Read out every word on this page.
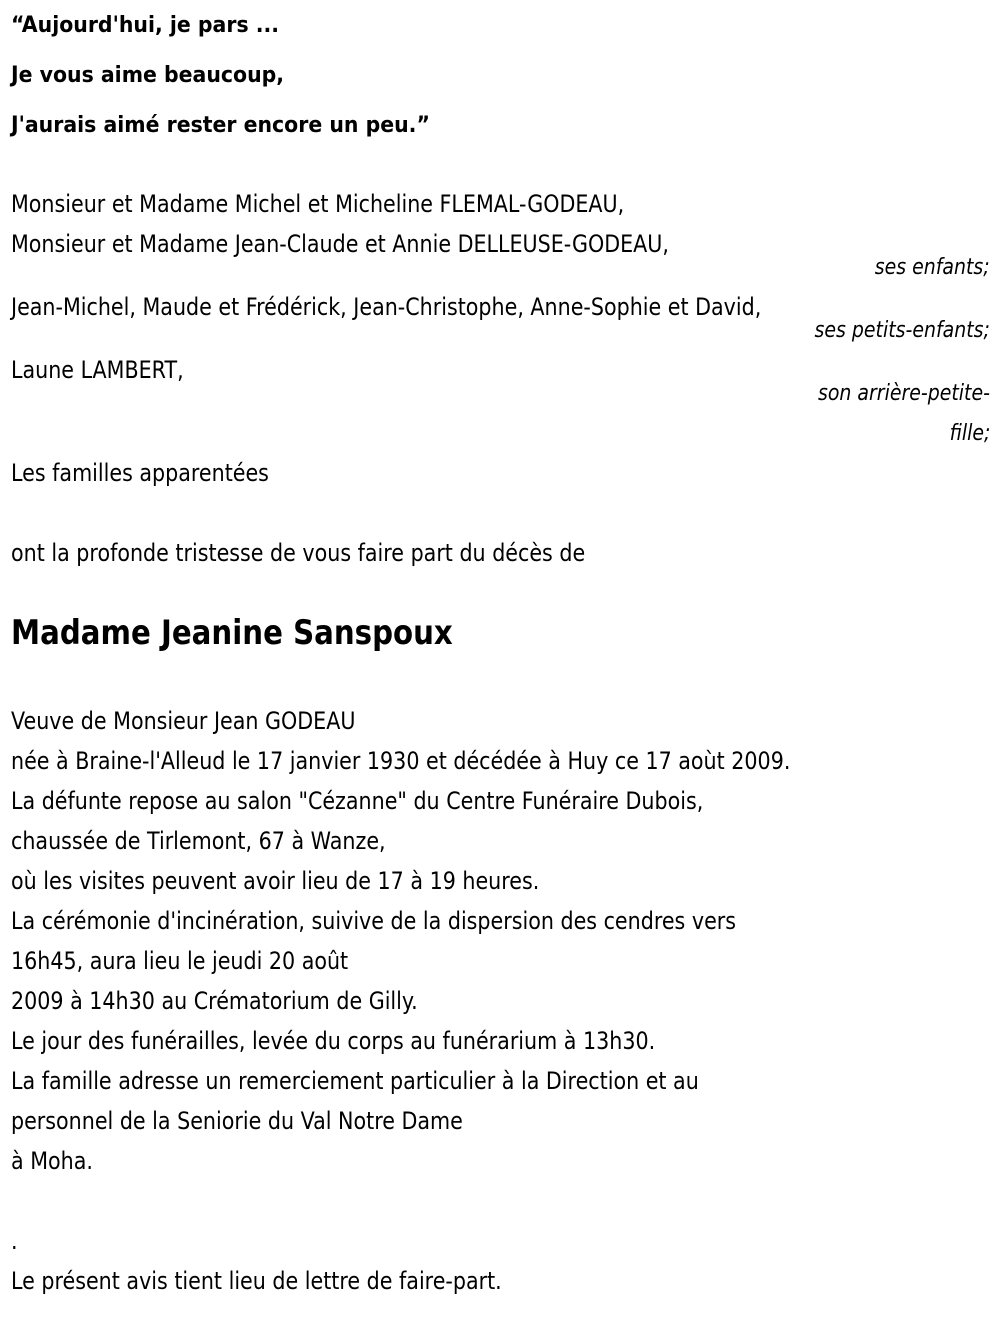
“Aujourd'hui, je pars ...
Je vous aime beaucoup,
J'aurais aimé rester encore un peu.”
Monsieur et Madame Michel et Micheline FLEMAL-GODEAU,
Monsieur et Madame Jean-Claude et Annie DELLEUSE-GODEAU,
ses enfants;
Jean-Michel, Maude et Frédérick, Jean-Christophe, Anne-Sophie et David,
ses petits-enfants;
Laune LAMBERT,
son arrière-petite-
fille;
Les familles apparentées
ont la profonde tristesse de vous faire part du décès de
Madame Jeanine Sanspoux
Veuve de Monsieur Jean GODEAU
née à Braine-l'Alleud le 17 janvier 1930 et décédée à Huy ce 17 aoùt 2009.
La défunte repose au salon "Cézanne" du Centre Funéraire Dubois,
chaussée de Tirlemont, 67 à Wanze,
où les visites peuvent avoir lieu de 17 à 19 heures.
La cérémonie d'incinération, suivive de la dispersion des cendres vers
16h45, aura lieu le jeudi 20 août
2009 à 14h30 au Crématorium de Gilly.
Le jour des funérailles, levée du corps au funérarium à 13h30.
La famille adresse un remerciement particulier à la Direction et au
personnel de la Seniorie du Val Notre Dame
à Moha.
.
Le présent avis tient lieu de lettre de faire-part.
